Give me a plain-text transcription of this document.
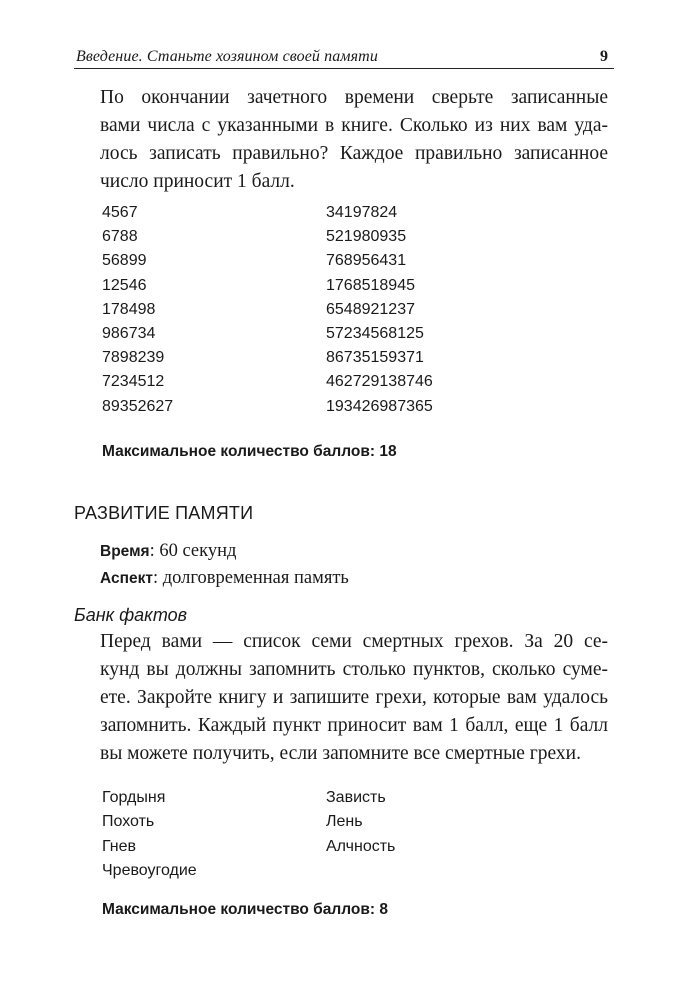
Введение. Станьте хозяином своей памяти	9
По окончании зачетного времени сверьте записанные
вами числа с указанными в книге. Сколько из них вам уда-
лось записать правильно? Каждое правильно записанное
число приносит 1 балл.
4567	34197824
6788	521980935
56899	768956431
12546	1768518945
178498	6548921237
986734	57234568125
7898239	86735159371
7234512	462729138746
89352627	193426987365
Максимальное количество баллов: 18
РАЗВИТИЕ ПАМЯТИ
Время: 60 секунд
Аспект: долговременная память
Банк фактов
Перед вами — список семи смертных грехов. За 20 се-
кунд вы должны запомнить столько пунктов, сколько суме-
ете. Закройте книгу и запишите грехи, которые вам удалось
запомнить. Каждый пункт приносит вам 1 балл, еще 1 балл
вы можете получить, если запомните все смертные грехи.
Гордыня	Зависть
Похоть	Лень
Гнев	Алчность
Чревоугодие
Максимальное количество баллов: 8
